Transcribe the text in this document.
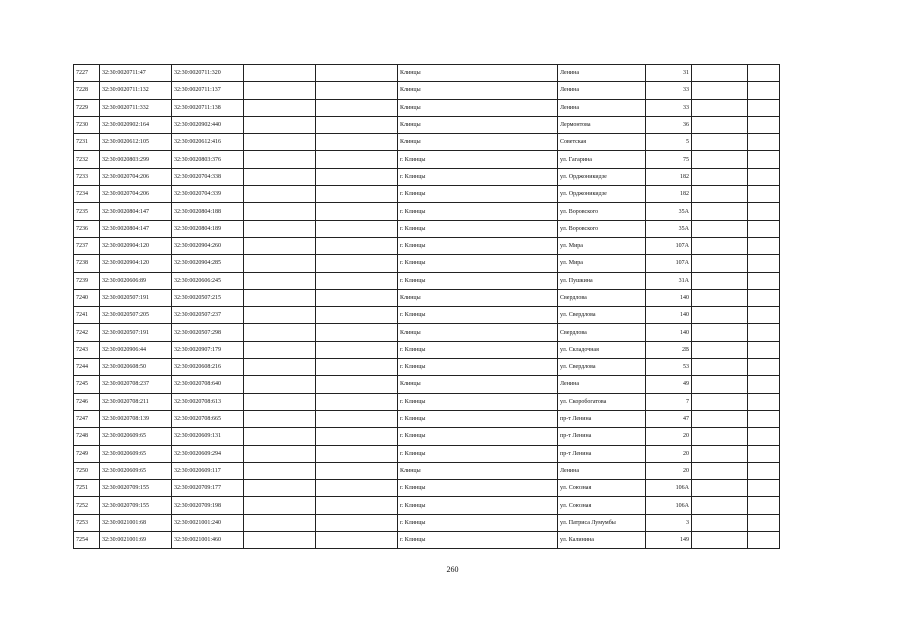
7227	32:30:0020711:47	32:30:0020711:320			Клинцы	Ленина	31		
7228	32:30:0020711:132	32:30:0020711:137			Клинцы	Ленина	33		
7229	32:30:0020711:332	32:30:0020711:138			Клинцы	Ленина	33		
7230	32:30:0020902:164	32:30:0020902:440			Клинцы	Лермонтова	36		
7231	32:30:0020612:105	32:30:0020612:416			Клинцы	Советская	5		
7232	32:30:0020803:299	32:30:0020803:376			г. Клинцы	ул. Гагарина	75		
7233	32:30:0020704:206	32:30:0020704:338			г. Клинцы	ул. Орджоникидзе	182		
7234	32:30:0020704:206	32:30:0020704:339			г. Клинцы	ул. Орджоникидзе	182		
7235	32:30:0020804:147	32:30:0020804:188			г. Клинцы	ул. Воровского	35А		
7236	32:30:0020804:147	32:30:0020804:189			г. Клинцы	ул. Воровского	35А		
7237	32:30:0020904:120	32:30:0020904:260			г. Клинцы	ул. Мира	107А		
7238	32:30:0020904:120	32:30:0020904:285			г. Клинцы	ул. Мира	107А		
7239	32:30:0020606:89	32:30:0020606:245			г. Клинцы	ул. Пушкина	31А		
7240	32:30:0020507:191	32:30:0020507:215			Клинцы	Свердлова	140		
7241	32:30:0020507:205	32:30:0020507:237			г. Клинцы	ул. Свердлова	140		
7242	32:30:0020507:191	32:30:0020507:298			Клинцы	Свердлова	140		
7243	32:30:0020906:44	32:30:0020907:179			г. Клинцы	ул. Складочная	2В		
7244	32:30:0020608:50	32:30:0020608:216			г. Клинцы	ул. Свердлова	53		
7245	32:30:0020708:237	32:30:0020708:640			Клинцы	Ленина	49		
7246	32:30:0020708:211	32:30:0020708:613			г. Клинцы	ул. Скоробогатова	7		
7247	32:30:0020708:139	32:30:0020708:665			г. Клинцы	пр-т Ленина	47		
7248	32:30:0020609:65	32:30:0020609:131			г. Клинцы	пр-т Ленина	20		
7249	32:30:0020609:65	32:30:0020609:294			г. Клинцы	пр-т Ленина	20		
7250	32:30:0020609:65	32:30:0020609:117			Клинцы	Ленина	20		
7251	32:30:0020709:155	32:30:0020709:177			г. Клинцы	ул. Союзная	106А		
7252	32:30:0020709:155	32:30:0020709:198			г. Клинцы	ул. Союзная	106А		
7253	32:30:0021001:68	32:30:0021001:240			г. Клинцы	ул. Патриса Лумумбы	3		
7254	32:30:0021001:69	32:30:0021001:460			г. Клинцы	ул. Калинина	149		
260
